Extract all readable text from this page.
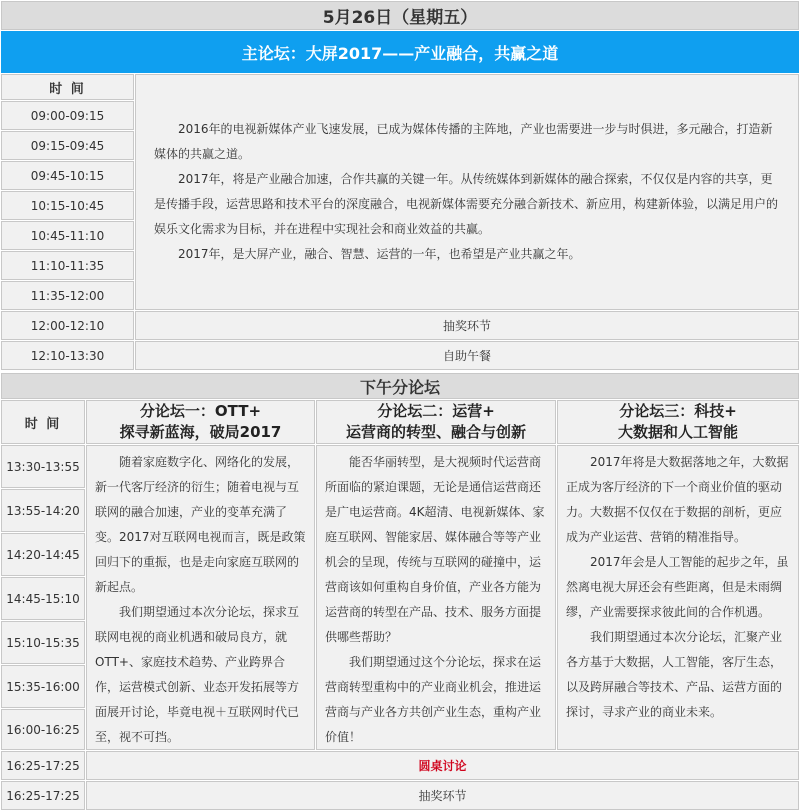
5月26日（星期五）
主论坛：大屏2017——产业融合，共赢之道
时 间
09:00-09:15
09:15-09:45
09:45-10:15
10:15-10:45
10:45-11:10
11:10-11:35
11:35-12:00

2016年的电视新媒体产业飞速发展，已成为媒体传播的主阵地，产业也需要进一步与时俱进，多元融合，打造新媒体的共赢之道。

2017年，将是产业融合加速，合作共赢的关键一年。从传统媒体到新媒体的融合探索，不仅仅是内容的共享，更是传播手段，运营思路和技术平台的深度融合，电视新媒体需要充分融合新技术、新应用，构建新体验，以满足用户的娱乐文化需求为目标，并在进程中实现社会和商业效益的共赢。

2017年，是大屏产业，融合、智慧、运营的一年，也希望是产业共赢之年。

12:00-12:10	抽奖环节
12:10-13:30	自助午餐
下午分论坛
时 间
分论坛一：OTT+
探寻新蓝海，破局2017
分论坛二：运营+
运营商的转型、融合与创新
分论坛三：科技+
大数据和人工智能
13:30-13:55
13:55-14:20
14:20-14:45
14:45-15:10
15:10-15:35
15:35-16:00
16:00-16:25

随着家庭数字化、网络化的发展，新一代客厅经济的衍生；随着电视与互联网的融合加速，产业的变革充满了变。2017对互联网电视而言，既是政策回归下的重振，也是走向家庭互联网的新起点。

我们期望通过本次分论坛，探求互联网电视的商业机遇和破局良方，就OTT+、家庭技术趋势、产业跨界合作，运营模式创新、业态开发拓展等方面展开讨论，毕竟电视＋互联网时代已至，视不可挡。

能否华丽转型，是大视频时代运营商所面临的紧迫课题，无论是通信运营商还是广电运营商。4K超清、电视新媒体、家庭互联网、智能家居、媒体融合等等产业机会的呈现，传统与互联网的碰撞中，运营商该如何重构自身价值，产业各方能为运营商的转型在产品、技术、服务方面提供哪些帮助？

我们期望通过这个分论坛，探求在运营商转型重构中的产业商业机会，推进运营商与产业各方共创产业生态，重构产业价值！

2017年将是大数据落地之年，大数据正成为客厅经济的下一个商业价值的驱动力。大数据不仅仅在于数据的剖析，更应成为产业运营、营销的精准指导。

2017年会是人工智能的起步之年，虽然离电视大屏还会有些距离，但是未雨绸缪，产业需要探求彼此间的合作机遇。

我们期望通过本次分论坛，汇聚产业各方基于大数据，人工智能，客厅生态，以及跨屏融合等技术、产品、运营方面的探讨，寻求产业的商业未来。

16:25-17:25	圆桌讨论
16:25-17:25	抽奖环节
